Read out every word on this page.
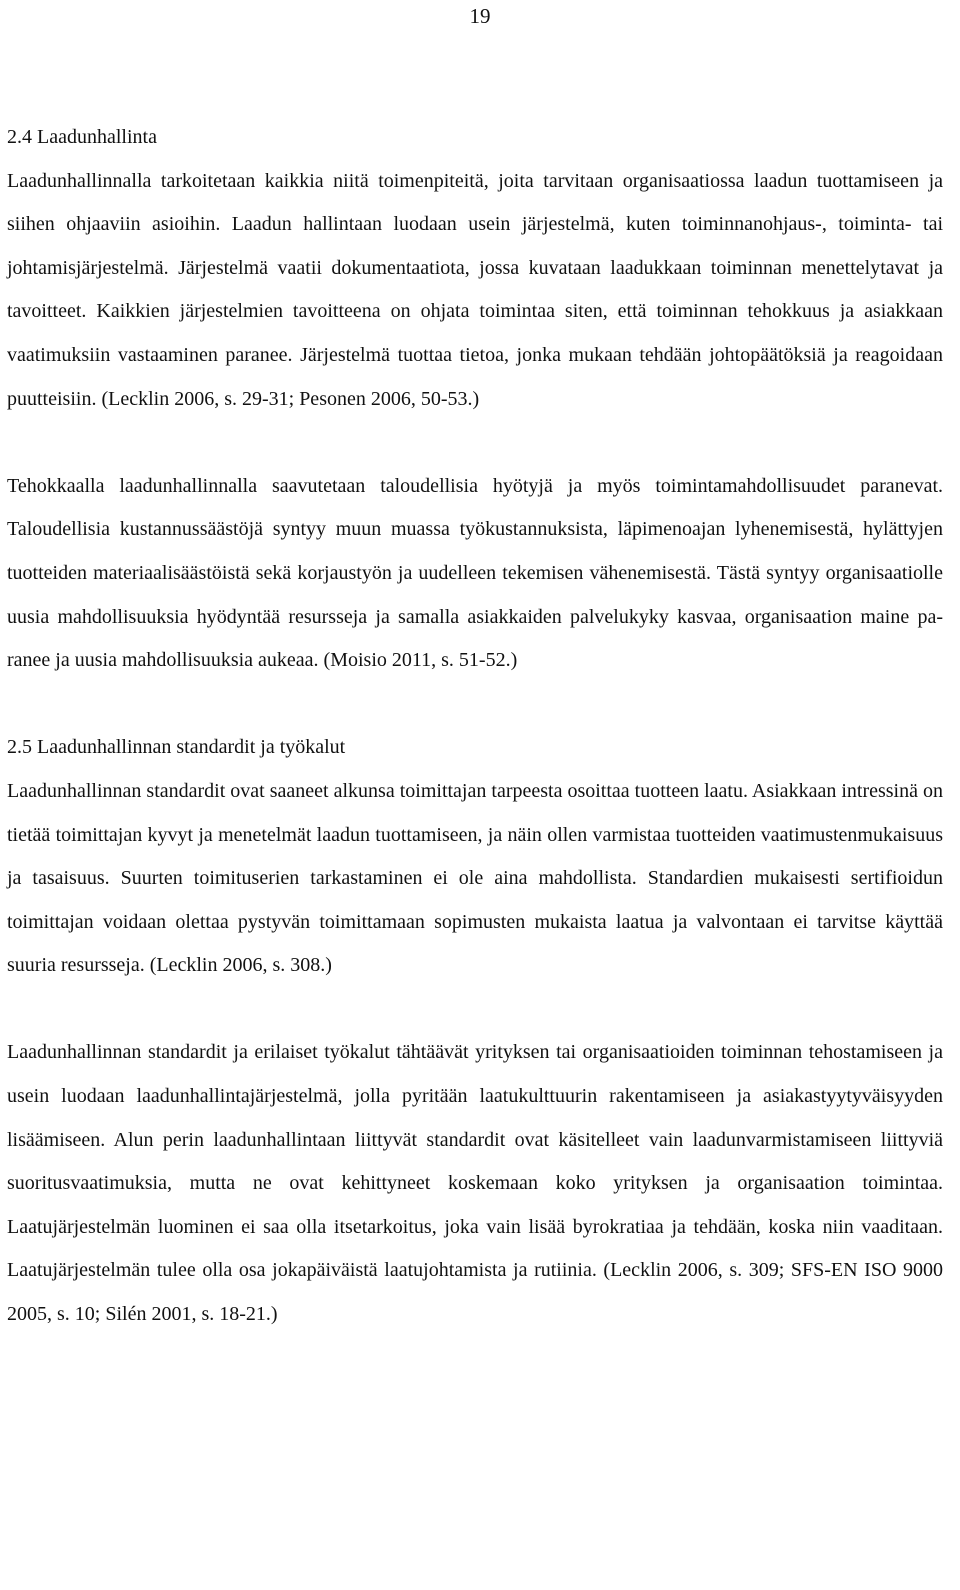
19
2.4 Laadunhallinta

Laadunhallinnalla tarkoitetaan kaikkia niitä toimenpiteitä, joita tarvitaan organisaatiossa laadun tuottamiseen ja siihen ohjaaviin asioihin. Laadun hallintaan luodaan usein järjestelmä, kuten toiminnanohjaus-, toiminta- tai johtamisjärjestelmä. Järjestelmä vaatii dokumentaatiota, jossa kuvataan laadukkaan toiminnan menettelytavat ja tavoitteet. Kaikkien järjestelmien tavoitteena on ohjata toimintaa siten, että toiminnan tehokkuus ja asiakkaan vaatimuksiin vastaaminen paranee. Järjestelmä tuottaa tietoa, jonka mukaan tehdään johtopäätöksiä ja reagoidaan puutteisiin. (Lecklin 2006, s. 29-31; Pesonen 2006, 50-53.)

Tehokkaalla laadunhallinnalla saavutetaan taloudellisia hyötyjä ja myös toimintamahdollisuudet paranevat. Taloudellisia kustannussäästöjä syntyy muun muassa työkustannuksista, läpimenoajan lyhenemisestä, hylättyjen tuotteiden materiaalisäästöistä sekä korjaustyön ja uudelleen tekemisen vähenemisestä. Tästä syntyy organisaatiolle uusia mahdollisuuksia hyödyntää resursseja ja samalla asiakkaiden palvelukyky kasvaa, organisaation maine paranee ja uusia mahdollisuuksia aukeaa. (Moisio 2011, s. 51-52.)

2.5 Laadunhallinnan standardit ja työkalut

Laadunhallinnan standardit ovat saaneet alkunsa toimittajan tarpeesta osoittaa tuotteen laatu. Asiakkaan intressinä on tietää toimittajan kyvyt ja menetelmät laadun tuottamiseen, ja näin ollen varmistaa tuotteiden vaatimustenmukaisuus ja tasaisuus. Suurten toimituserien tarkastaminen ei ole aina mahdollista. Standardien mukaisesti sertifioidun toimittajan voidaan olettaa pystyvän toimittamaan sopimusten mukaista laatua ja valvontaan ei tarvitse käyttää suuria resursseja. (Lecklin 2006, s. 308.)

Laadunhallinnan standardit ja erilaiset työkalut tähtäävät yrityksen tai organisaatioiden toiminnan tehostamiseen ja usein luodaan laadunhallintajärjestelmä, jolla pyritään laatukulttuurin rakentamiseen ja asiakastyytyväisyyden lisäämiseen. Alun perin laadunhallintaan liittyvät standardit ovat käsitelleet vain laadunvarmistamiseen liittyviä suoritusvaatimuksia, mutta ne ovat kehittyneet koskemaan koko yrityksen ja organisaation toimintaa. Laatujärjestelmän luominen ei saa olla itsetarkoitus, joka vain lisää byrokratiaa ja tehdään, koska niin vaaditaan. Laatujärjestelmän tulee olla osa jokapäiväistä laatujohtamista ja rutiinia. (Lecklin 2006, s. 309; SFS-EN ISO 9000 2005, s. 10; Silén 2001, s. 18-21.)
